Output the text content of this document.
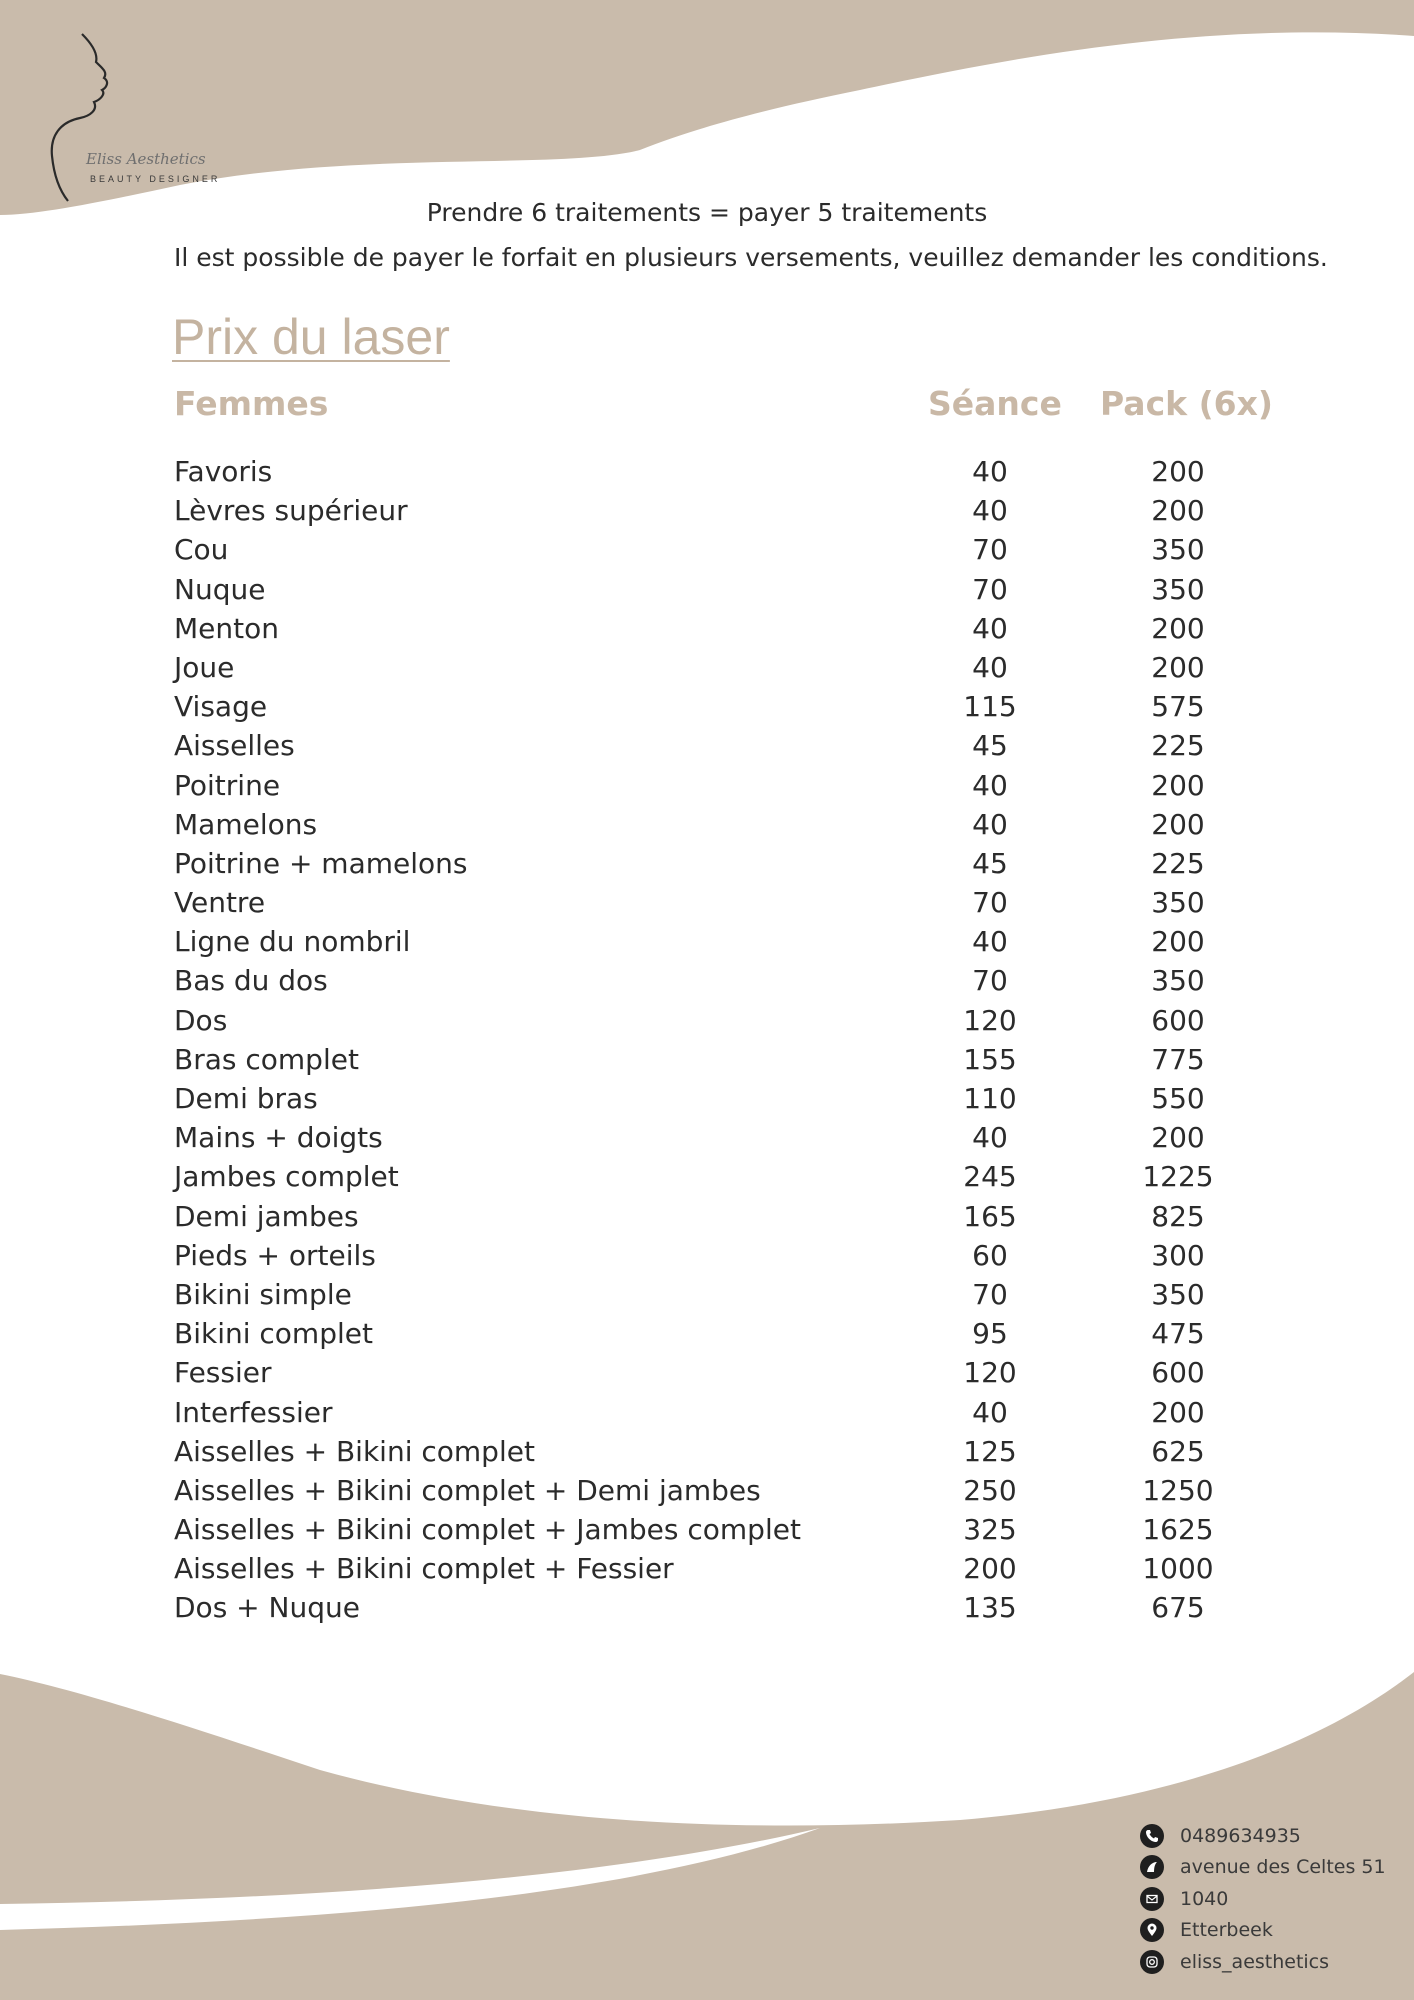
Eliss Aesthetics
BEAUTY DESIGNER
Prendre 6 traitements = payer 5 traitements
Il est possible de payer le forfait en plusieurs versements, veuillez demander les conditions.
Prix du laser
Femmes	Séance Pack (6x)
Favoris	40	200
Lèvres supérieur	40	200
Cou	70	350
Nuque	70	350
Menton	40	200
Joue	40	200
Visage	115	575
Aisselles	45	225
Poitrine	40	200
Mamelons	40	200
Poitrine + mamelons	45	225
Ventre	70	350
Ligne du nombril	40	200
Bas du dos	70	350
Dos	120	600
Bras complet	155	775
Demi bras	110	550
Mains + doigts	40	200
Jambes complet	245	1225
Demi jambes	165	825
Pieds + orteils	60	300
Bikini simple	70	350
Bikini complet	95	475
Fessier	120	600
Interfessier	40	200
Aisselles + Bikini complet	125	625
Aisselles + Bikini complet + Demi jambes	250	1250
Aisselles + Bikini complet + Jambes complet	325	1625
Aisselles + Bikini complet + Fessier	200	1000
Dos + Nuque	135	675
0489634935
avenue des Celtes 51
1040
Etterbeek
eliss_aesthetics
